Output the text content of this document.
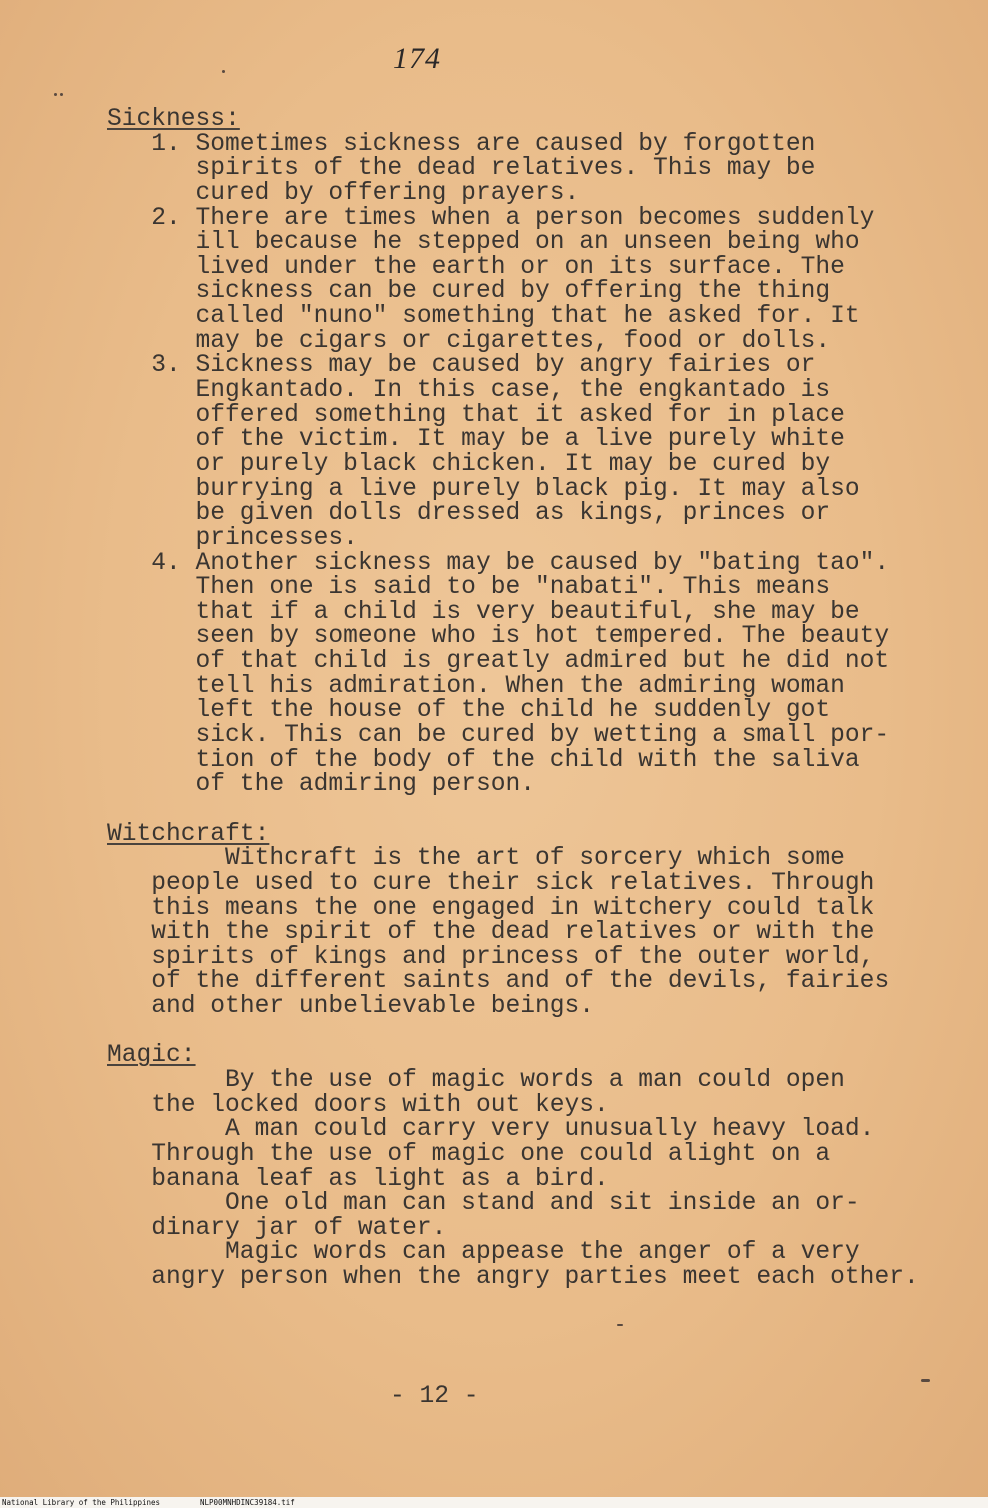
174
Sickness:
1. Sometimes sickness are caused by forgotten
spirits of the dead relatives. This may be
cured by offering prayers.
2. There are times when a person becomes suddenly
ill because he stepped on an unseen being who
lived under the earth or on its surface. The
sickness can be cured by offering the thing
called "nuno" something that he asked for. It
may be cigars or cigarettes, food or dolls.
3. Sickness may be caused by angry fairies or
Engkantado. In this case, the engkantado is
offered something that it asked for in place
of the victim. It may be a live purely white
or purely black chicken. It may be cured by
burrying a live purely black pig. It may also
be given dolls dressed as kings, princes or
princesses.
4. Another sickness may be caused by "bating tao".
Then one is said to be "nabati". This means
that if a child is very beautiful, she may be
seen by someone who is hot tempered. The beauty
of that child is greatly admired but he did not
tell his admiration. When the admiring woman
left the house of the child he suddenly got
sick. This can be cured by wetting a small por-
tion of the body of the child with the saliva
of the admiring person.
Witchcraft:
Withcraft is the art of sorcery which some
people used to cure their sick relatives. Through
this means the one engaged in witchery could talk
with the spirit of the dead relatives or with the
spirits of kings and princess of the outer world,
of the different saints and of the devils, fairies
and other unbelievable beings.
Magic:
By the use of magic words a man could open
the locked doors with out keys.
A man could carry very unusually heavy load.
Through the use of magic one could alight on a
banana leaf as light as a bird.
One old man can stand and sit inside an or-
dinary jar of water.
Magic words can appease the anger of a very
angry person when the angry parties meet each other.
- 12 -
National Library of the Philippines	NLP00MNHDINC39184.tif
